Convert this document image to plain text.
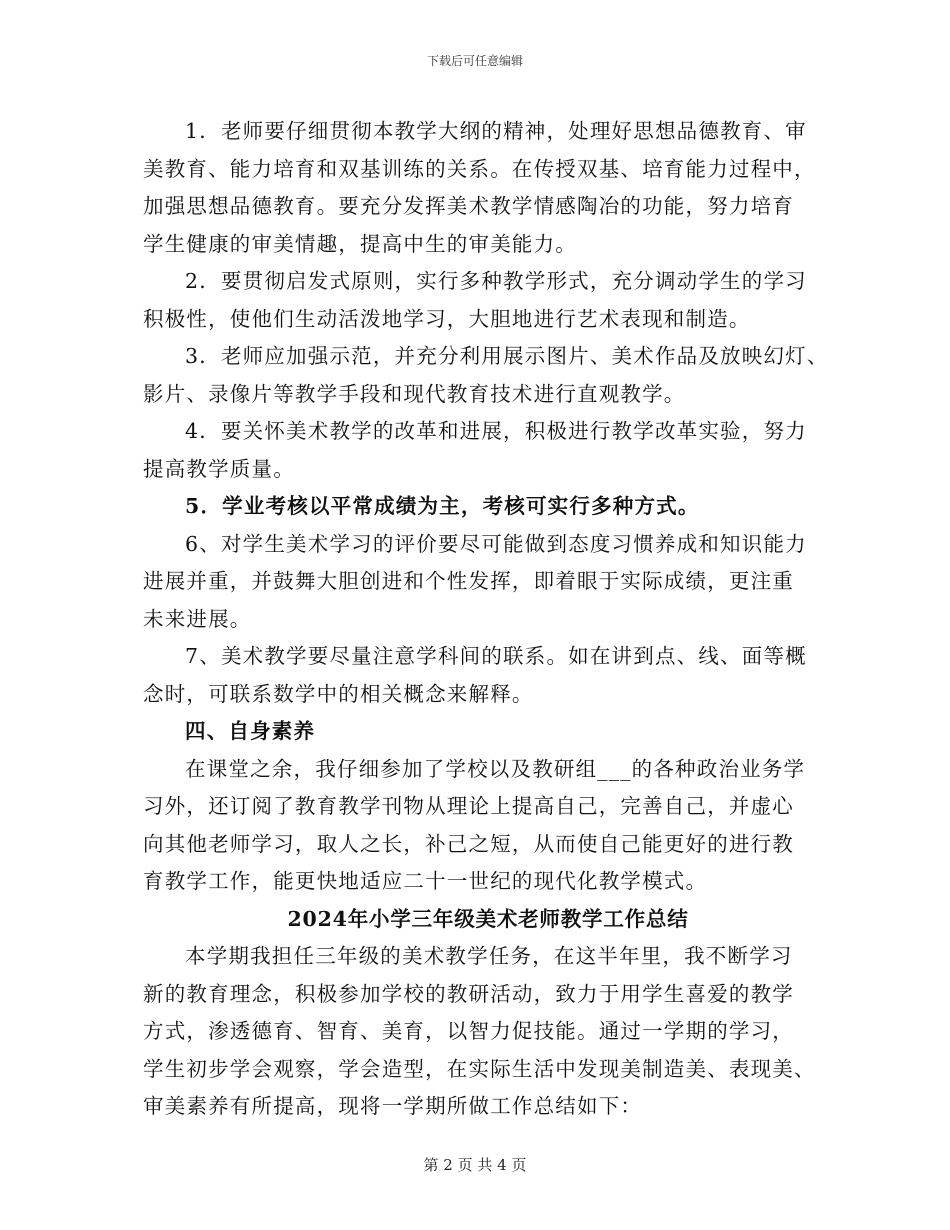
下载后可任意编辑
1．老师要仔细贯彻本教学大纲的精神，处理好思想品德教育、审
美教育、能力培育和双基训练的关系。在传授双基、培育能力过程中，
加强思想品德教育。要充分发挥美术教学情感陶冶的功能，努力培育
学生健康的审美情趣，提高中生的审美能力。
2．要贯彻启发式原则，实行多种教学形式，充分调动学生的学习
积极性，使他们生动活泼地学习，大胆地进行艺术表现和制造。
3．老师应加强示范，并充分利用展示图片、美术作品及放映幻灯、
影片、录像片等教学手段和现代教育技术进行直观教学。
4．要关怀美术教学的改革和进展，积极进行教学改革实验，努力
提高教学质量。
5．学业考核以平常成绩为主，考核可实行多种方式。
6、对学生美术学习的评价要尽可能做到态度习惯养成和知识能力
进展并重，并鼓舞大胆创进和个性发挥，即着眼于实际成绩，更注重
未来进展。
7、美术教学要尽量注意学科间的联系。如在讲到点、线、面等概
念时，可联系数学中的相关概念来解释。
四、自身素养
在课堂之余，我仔细参加了学校以及教研组___的各种政治业务学
习外，还订阅了教育教学刊物从理论上提高自己，完善自己，并虚心
向其他老师学习，取人之长，补己之短，从而使自己能更好的进行教
育教学工作，能更快地适应二十一世纪的现代化教学模式。
2024年小学三年级美术老师教学工作总结
本学期我担任三年级的美术教学任务，在这半年里，我不断学习
新的教育理念，积极参加学校的教研活动，致力于用学生喜爱的教学
方式，渗透德育、智育、美育，以智力促技能。通过一学期的学习，
学生初步学会观察，学会造型，在实际生活中发现美制造美、表现美、
审美素养有所提高，现将一学期所做工作总结如下：
第 2 页 共 4 页
